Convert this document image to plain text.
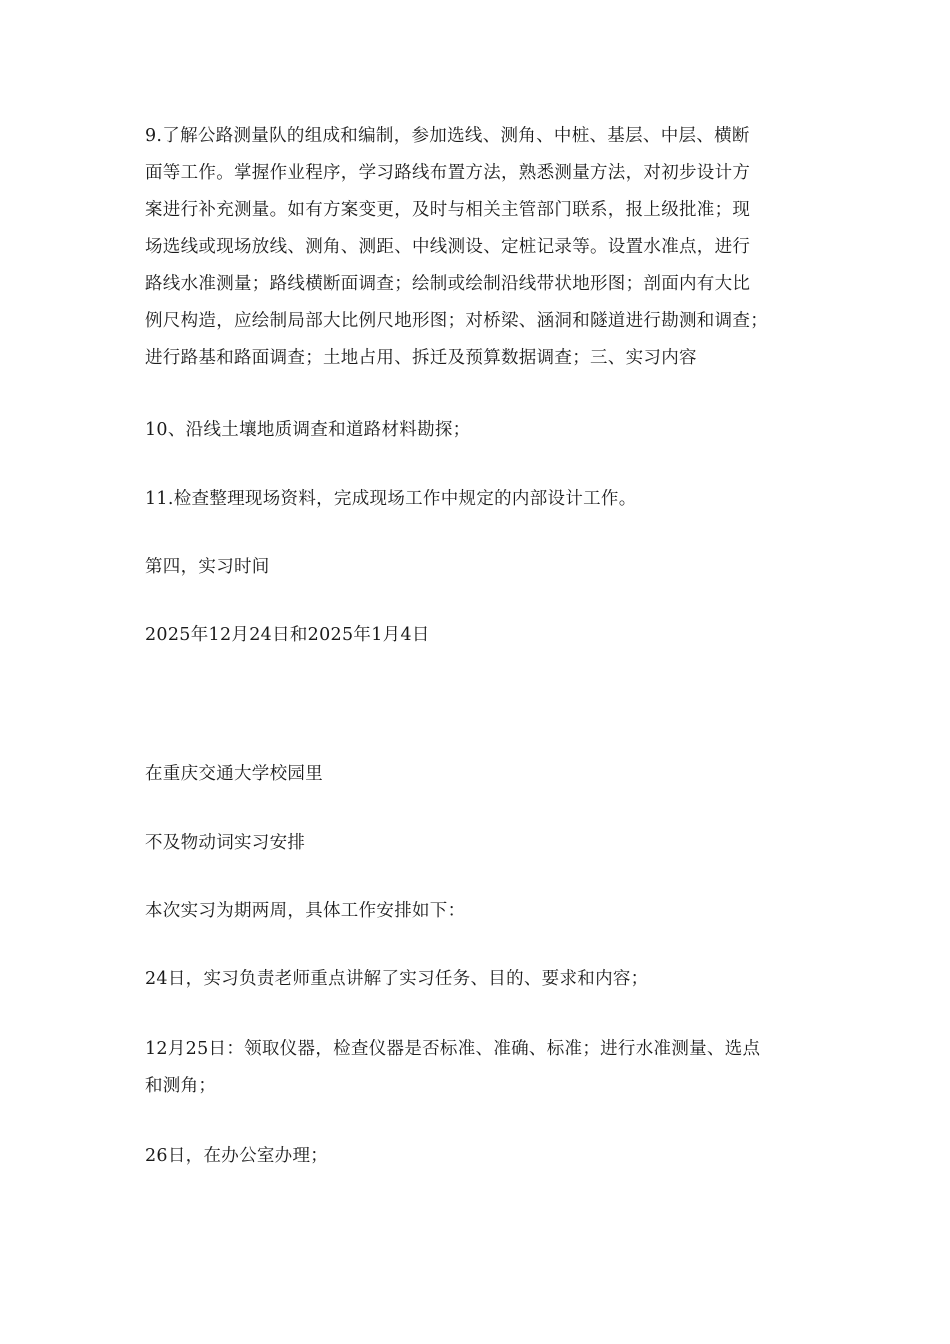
9.了解公路测量队的组成和编制，参加选线、测角、中桩、基层、中层、横断
面等工作。掌握作业程序，学习路线布置方法，熟悉测量方法，对初步设计方
案进行补充测量。如有方案变更，及时与相关主管部门联系，报上级批准；现
场选线或现场放线、测角、测距、中线测设、定桩记录等。设置水准点，进行
路线水准测量；路线横断面调查；绘制或绘制沿线带状地形图；剖面内有大比
例尺构造，应绘制局部大比例尺地形图；对桥梁、涵洞和隧道进行勘测和调查；
进行路基和路面调查；土地占用、拆迁及预算数据调查；三、实习内容

10、沿线土壤地质调查和道路材料勘探；

11.检查整理现场资料，完成现场工作中规定的内部设计工作。

第四，实习时间

2025年12月24日和2025年1月4日

在重庆交通大学校园里

不及物动词实习安排

本次实习为期两周，具体工作安排如下：

24日，实习负责老师重点讲解了实习任务、目的、要求和内容；

12月25日：领取仪器，检查仪器是否标准、准确、标准；进行水准测量、选点
和测角；

26日，在办公室办理；
